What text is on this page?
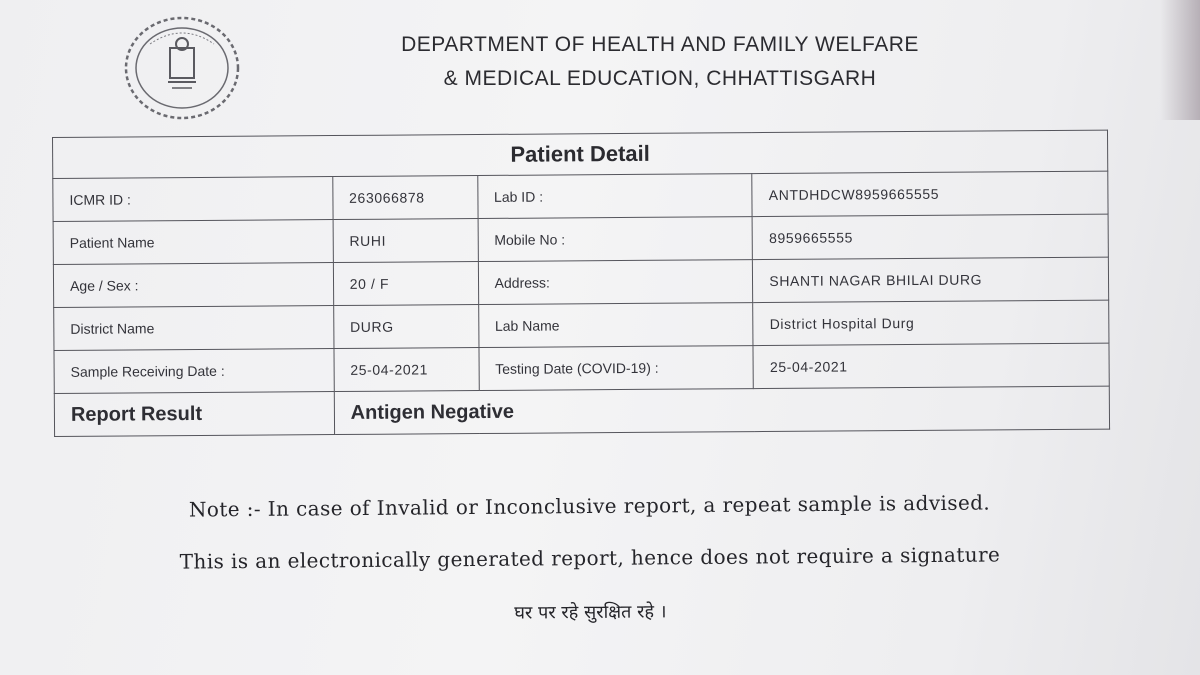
DEPARTMENT OF HEALTH AND FAMILY WELFARE
& MEDICAL EDUCATION, CHHATTISGARH
Patient Detail			
ICMR ID :	263066878	Lab ID :	ANTDHDCW8959665555
Patient Name	RUHI	Mobile No :	8959665555
Age / Sex :	20 / F	Address:	SHANTI NAGAR BHILAI DURG
District Name	DURG	Lab Name	District Hospital Durg
Sample Receiving Date :	25-04-2021	Testing Date (COVID-19) :	25-04-2021
Report Result	Antigen Negative		
Note :- In case of Invalid or Inconclusive report, a repeat sample is advised.
This is an electronically generated report, hence does not require a signature
घर पर रहे सुरक्षित रहे ।
